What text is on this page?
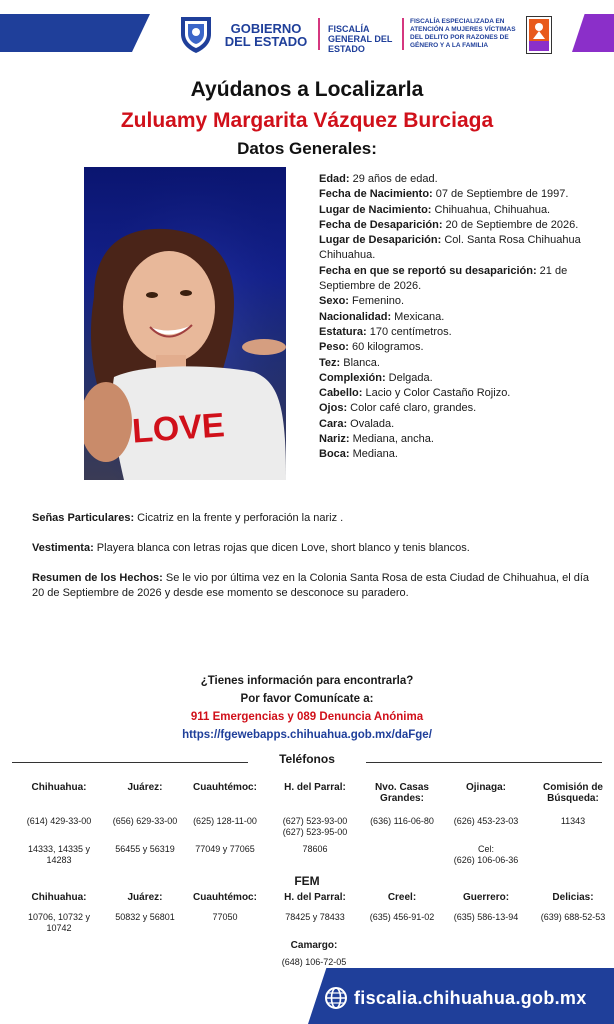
GOBIERNO DEL ESTADO
FISCALÍA GENERAL DEL ESTADO
FISCALÍA ESPECIALIZADA EN ATENCIÓN A MUJERES VÍCTIMAS DEL DELITO POR RAZONES DE GÉNERO Y A LA FAMILIA
Ayúdanos a Localizarla
Zuluamy Margarita Vázquez Burciaga
Datos Generales:
LOVE
Edad: 29 años de edad.
Fecha de Nacimiento: 07 de Septiembre de 1997.
Lugar de Nacimiento: Chihuahua, Chihuahua.
Fecha de Desaparición: 20 de Septiembre de 2026.
Lugar de Desaparición: Col. Santa Rosa Chihuahua Chihuahua.
Fecha en que se reportó su desaparición: 21 de Septiembre de 2026.
Sexo: Femenino.
Nacionalidad: Mexicana.
Estatura: 170 centímetros.
Peso: 60 kilogramos.
Tez: Blanca.
Complexión: Delgada.
Cabello: Lacio y Color Castaño Rojizo.
Ojos: Color café claro, grandes.
Cara: Ovalada.
Nariz: Mediana, ancha.
Boca: Mediana.
Señas Particulares: Cicatriz en la frente y perforación la nariz .
Vestimenta: Playera blanca con letras rojas que dicen Love, short blanco y tenis blancos.
Resumen de los Hechos: Se le vio por última vez en la Colonia Santa Rosa de esta Ciudad de Chihuahua, el día 20 de Septiembre de 2026 y desde ese momento se desconoce su paradero.
¿Tienes información para encontrarla?
Por favor Comunícate a:
911 Emergencias y 089 Denuncia Anónima
https://fgewebapps.chihuahua.gob.mx/daFge/
Teléfonos
Chihuahua:
(614) 429-33-00
14333, 14335 y 14283
Juárez:
(656) 629-33-00
56455 y 56319
Cuauhtémoc:
(625) 128-11-00
77049 y 77065
H. del Parral:
(627) 523-93-00
(627) 523-95-00
78606
Nvo. Casas Grandes:
(636) 116-06-80
Ojinaga:
(626) 453-23-03
Cel:
(626) 106-06-36
Comisión de Búsqueda:
11343
FEM
Chihuahua:
10706, 10732 y 10742
Juárez:
50832 y 56801
Cuauhtémoc:
77050
H. del Parral:
78425 y 78433
Creel:
(635) 456-91-02
Guerrero:
(635) 586-13-94
Delicias:
(639) 688-52-53
Camargo:
(648) 106-72-05
fiscalia.chihuahua.gob.mx
